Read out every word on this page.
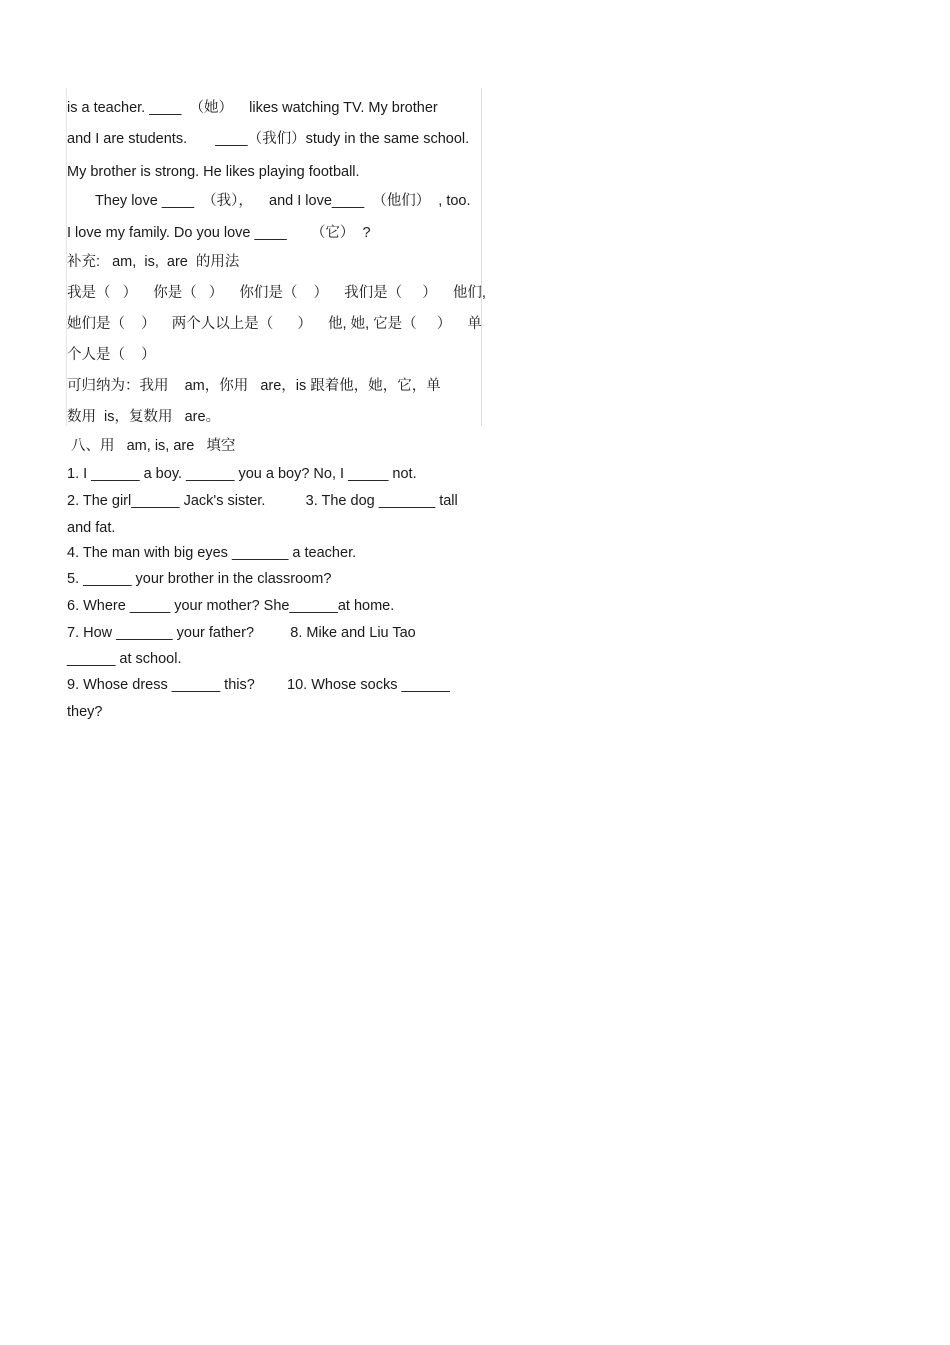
is a teacher. ____  （她）    likes watching TV. My brother
and I are students.       ____（我们）study in the same school.
My brother is strong. He likes playing football.
They love ____  （我），    and I love____  （他们）  , too.
I love my family. Do you love ____      （它）  ?
补充:   am,  is,  are  的用法
我是（   ）    你是（   ）    你们是（    ）    我们是（     ）    他们,
她们是（    ）    两个人以上是（      ）    他, 她, 它是（     ）    单
个人是（    ）
可归纳为：我用    am，你用   are，is 跟着他，她，它，单
数用  is，复数用   are。
八、用   am, is, are   填空
1. I ______ a boy. ______ you a boy? No, I _____ not.
2. The girl______ Jack's sister.          3. The dog _______ tall
and fat.
4. The man with big eyes _______ a teacher.
5. ______ your brother in the classroom?
6. Where _____ your mother? She______at home.
7. How _______ your father?         8. Mike and Liu Tao
______ at school.
9. Whose dress ______ this?        10. Whose socks ______
they?
